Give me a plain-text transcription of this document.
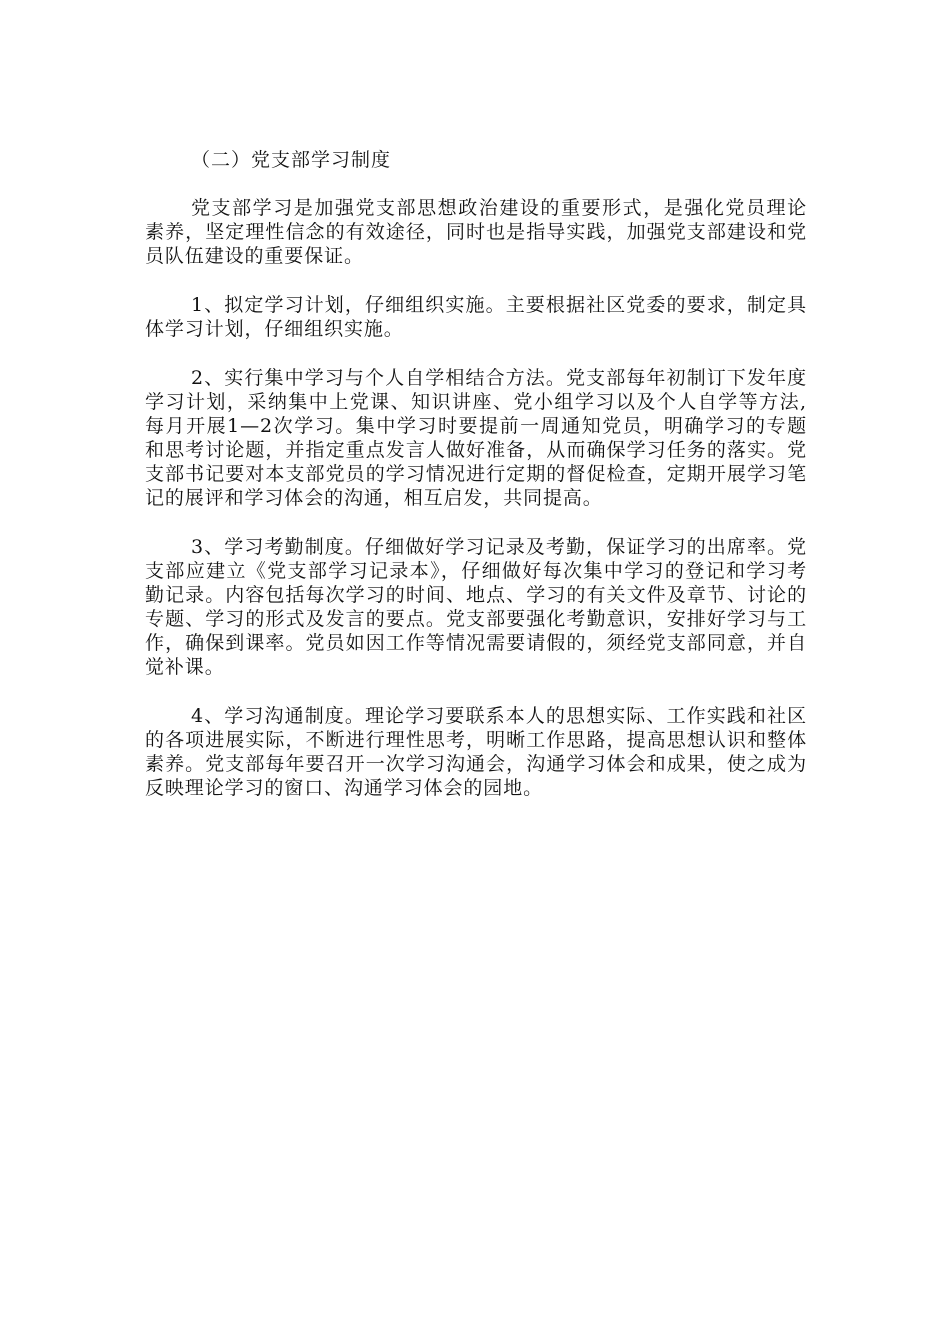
（二）党支部学习制度

党支部学习是加强党支部思想政治建设的重要形式，是强化党员理论素养，坚定理性信念的有效途径，同时也是指导实践，加强党支部建设和党员队伍建设的重要保证。

1、拟定学习计划，仔细组织实施。主要根据社区党委的要求，制定具体学习计划，仔细组织实施。

2、实行集中学习与个人自学相结合方法。党支部每年初制订下发年度学习计划，采纳集中上党课、知识讲座、党小组学习以及个人自学等方法,每月开展1—2次学习。集中学习时要提前一周通知党员，明确学习的专题和思考讨论题，并指定重点发言人做好准备，从而确保学习任务的落实。党支部书记要对本支部党员的学习情况进行定期的督促检查，定期开展学习笔记的展评和学习体会的沟通，相互启发，共同提高。

3、学习考勤制度。仔细做好学习记录及考勤，保证学习的出席率。党支部应建立《党支部学习记录本》，仔细做好每次集中学习的登记和学习考勤记录。内容包括每次学习的时间、地点、学习的有关文件及章节、讨论的专题、学习的形式及发言的要点。党支部要强化考勤意识，安排好学习与工作，确保到课率。党员如因工作等情况需要请假的，须经党支部同意，并自觉补课。

4、学习沟通制度。理论学习要联系本人的思想实际、工作实践和社区的各项进展实际，不断进行理性思考，明晰工作思路，提高思想认识和整体素养。党支部每年要召开一次学习沟通会，沟通学习体会和成果，使之成为反映理论学习的窗口、沟通学习体会的园地。
